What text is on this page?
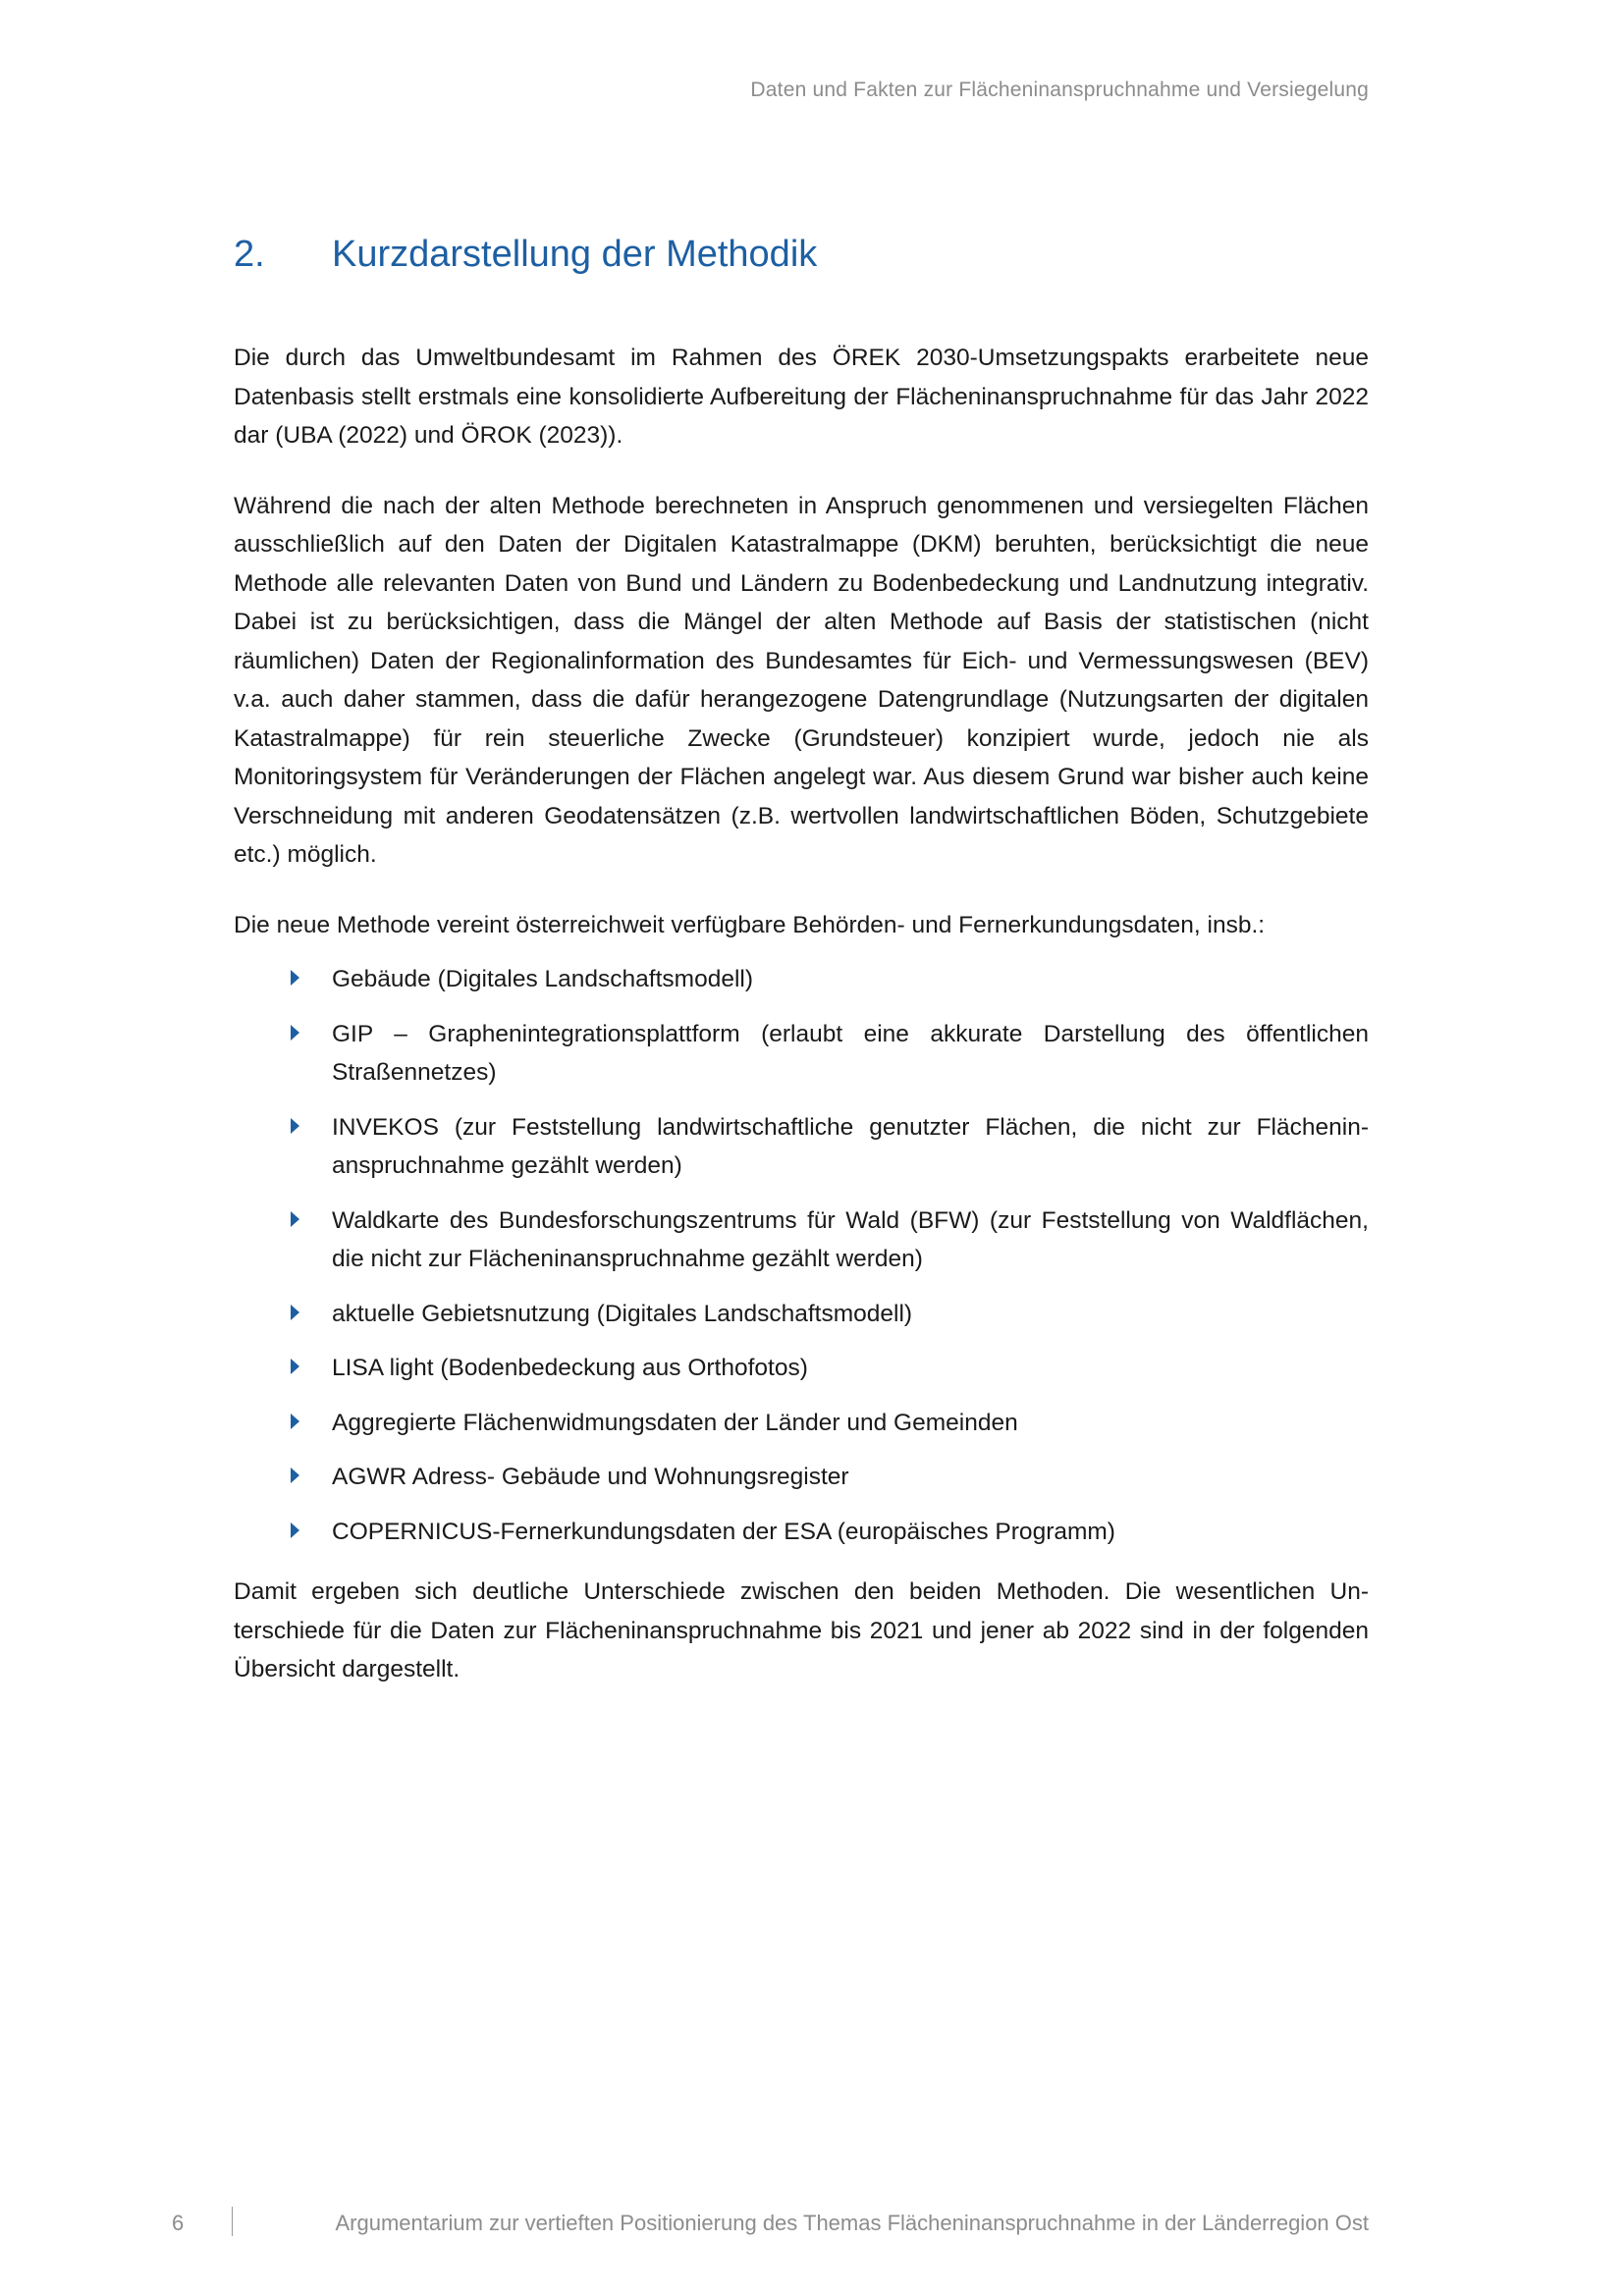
Daten und Fakten zur Flächeninanspruchnahme und Versiegelung
2.	Kurzdarstellung der Methodik

Die durch das Umweltbundesamt im Rahmen des ÖREK 2030-Umsetzungspakts erarbeitete neue Datenbasis stellt erstmals eine konsolidierte Aufbereitung der Flächeninanspruchnahme für das Jahr 2022 dar (UBA (2022) und ÖROK (2023)).

Während die nach der alten Methode berechneten in Anspruch genommenen und versiegelten Flächen ausschließlich auf den Daten der Digitalen Katastralmappe (DKM) beruhten, berücksichtigt die neue Methode alle relevanten Daten von Bund und Ländern zu Bodenbedeckung und Landnutzung integrativ. Dabei ist zu berücksichtigen, dass die Mängel der alten Methode auf Basis der statistischen (nicht räumlichen) Daten der Regionalinformation des Bundesamtes für Eich- und Vermessungswesen (BEV) v.a. auch daher stammen, dass die dafür herangezogene Datengrundlage (Nutzungsarten der digitalen Katastralmappe) für rein steuerliche Zwecke (Grundsteuer) konzipiert wurde, jedoch nie als Monitoringsystem für Veränderungen der Flächen angelegt war. Aus diesem Grund war bisher auch keine Verschneidung mit anderen Geodatensätzen (z.B. wertvollen landwirtschaftlichen Böden, Schutzgebiete etc.) möglich.

Die neue Methode vereint österreichweit verfügbare Behörden- und Fernerkundungsdaten, insb.:

Gebäude (Digitales Landschaftsmodell)
GIP – Graphenintegrationsplattform (erlaubt eine akkurate Darstellung des öffentlichen Straßennetzes)
INVEKOS (zur Feststellung landwirtschaftliche genutzter Flächen, die nicht zur Flächeninanspruchnahme gezählt werden)
Waldkarte des Bundesforschungszentrums für Wald (BFW) (zur Feststellung von Waldflächen, die nicht zur Flächeninanspruchnahme gezählt werden)
aktuelle Gebietsnutzung (Digitales Landschaftsmodell)
LISA light (Bodenbedeckung aus Orthofotos)
Aggregierte Flächenwidmungsdaten der Länder und Gemeinden
AGWR Adress- Gebäude und Wohnungsregister
COPERNICUS-Fernerkundungsdaten der ESA (europäisches Programm)

Damit ergeben sich deutliche Unterschiede zwischen den beiden Methoden. Die wesentlichen Unterschiede für die Daten zur Flächeninanspruchnahme bis 2021 und jener ab 2022 sind in der folgenden Übersicht dargestellt.

6	Argumentarium zur vertieften Positionierung des Themas Flächeninanspruchnahme in der Länderregion Ost
